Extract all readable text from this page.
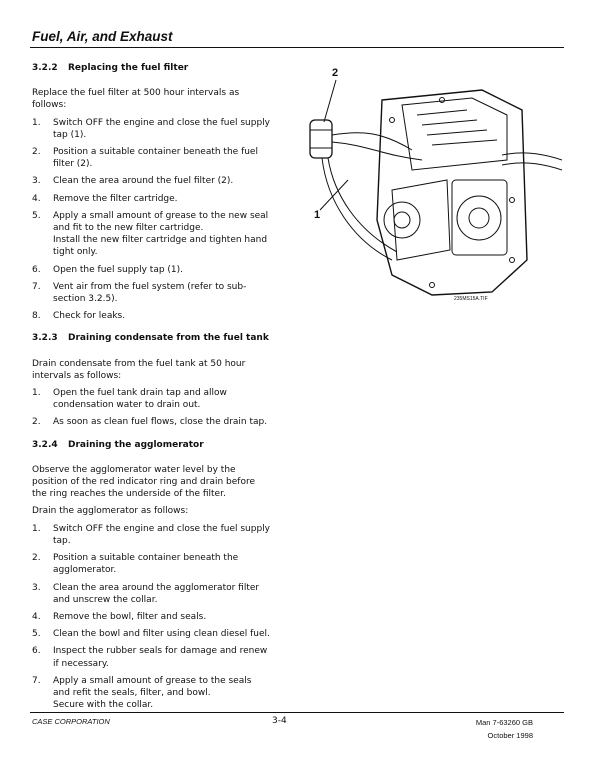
Fuel, Air, and Exhaust
3.2.2	Replacing the fuel filter
Replace the fuel filter at 500 hour intervals as follows:
1.	Switch OFF the engine and close the fuel supply tap (1).
2.	Position a suitable container beneath the fuel filter (2).
3.	Clean the area around the fuel filter (2).
4.	Remove the filter cartridge.
5.	Apply a small amount of grease to the new seal and fit to the new filter cartridge.
Install the new filter cartridge and tighten hand tight only.
6.	Open the fuel supply tap (1).
7.	Vent air from the fuel system (refer to sub-section 3.2.5).
8.	Check for leaks.
3.2.3	Draining condensate from the fuel tank
Drain condensate from the fuel tank at 50 hour intervals as follows:
1.	Open the fuel tank drain tap and allow condensation water to drain out.
2.	As soon as clean fuel flows, close the drain tap.
3.2.4	Draining the agglomerator
Observe the agglomerator water level by the position of the red indicator ring and drain before the ring reaches the underside of the filter.
Drain the agglomerator as follows:
1.	Switch OFF the engine and close the fuel supply tap.
2.	Position a suitable container beneath the agglomerator.
3.	Clean the area around the agglomerator filter and unscrew the collar.
4.	Remove the bowl, filter and seals.
5.	Clean the bowl and filter using clean diesel fuel.
6.	Inspect the rubber seals for damage and renew if necessary.
7.	Apply a small amount of grease to the seals and refit the seals, filter, and bowl.
Secure with the collar.
2
1
235MS15A.TIF
CASE CORPORATION	3-4	Man 7-63260 GB
October 1998
